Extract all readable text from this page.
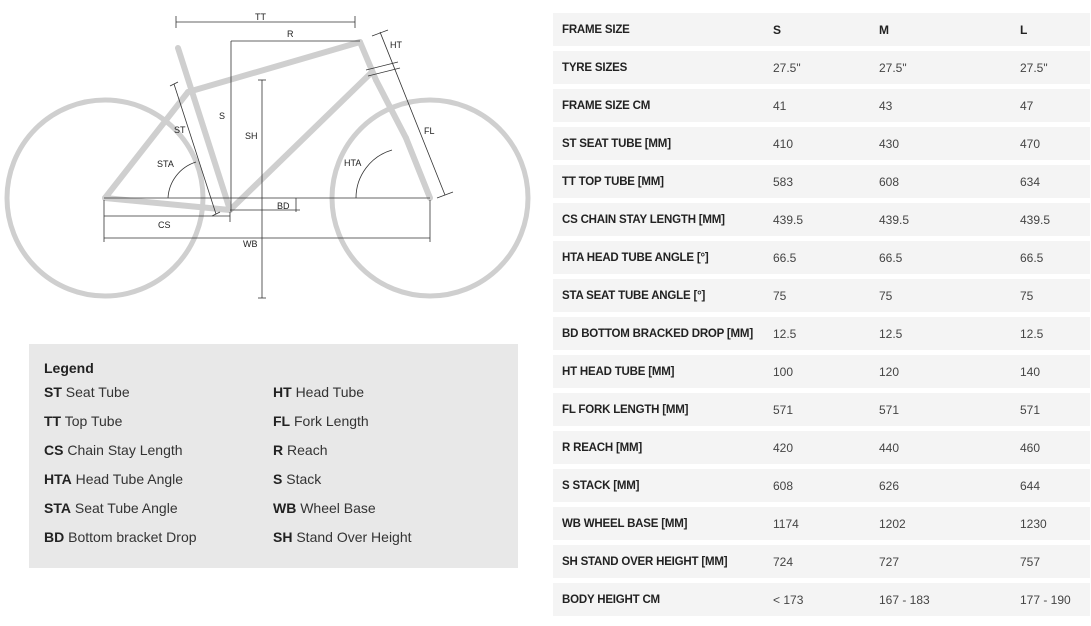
TT
R
HT
ST
S
SH
STA	HTA
FL
BD
CS
WB
Legend
ST Seat Tube
TT Top Tube
CS Chain Stay Length
HTA Head Tube Angle
STA Seat Tube Angle
BD Bottom bracket Drop
HT Head Tube
FL Fork Length
R Reach
S Stack
WB Wheel Base
SH Stand Over Height
FRAME SIZE	S	M	L
TYRE SIZES	27.5"	27.5"	27.5"
FRAME SIZE CM	41	43	47
ST SEAT TUBE [MM]	410	430	470
TT TOP TUBE [MM]	583	608	634
CS CHAIN STAY LENGTH [MM]	439.5	439.5	439.5
HTA HEAD TUBE ANGLE [°]	66.5	66.5	66.5
STA SEAT TUBE ANGLE [°]	75	75	75
BD BOTTOM BRACKED DROP [MM]	12.5	12.5	12.5
HT HEAD TUBE [MM]	100	120	140
FL FORK LENGTH [MM]	571	571	571
R REACH [MM]	420	440	460
S STACK [MM]	608	626	644
WB WHEEL BASE [MM]	1174	1202	1230
SH STAND OVER HEIGHT [MM]	724	727	757
BODY HEIGHT CM	< 173	167 - 183	177 - 190
